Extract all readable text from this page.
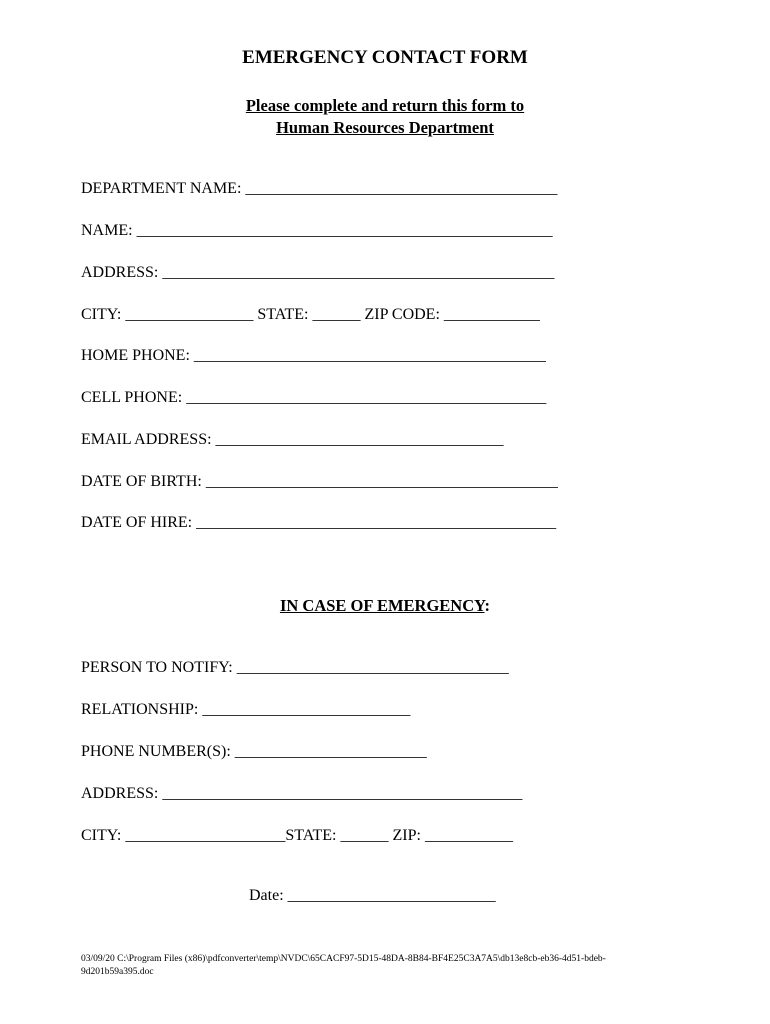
EMERGENCY CONTACT FORM
Please complete and return this form to
Human Resources Department
DEPARTMENT NAME: _______________________________________
NAME: ____________________________________________________
ADDRESS: _________________________________________________
CITY: ________________ STATE: ______ ZIP CODE: ____________
HOME PHONE: ____________________________________________
CELL PHONE: _____________________________________________
EMAIL ADDRESS: ____________________________________
DATE OF BIRTH: ____________________________________________
DATE OF HIRE: _____________________________________________
IN CASE OF EMERGENCY:
PERSON TO NOTIFY: __________________________________
RELATIONSHIP: __________________________
PHONE NUMBER(S): ________________________
ADDRESS: _____________________________________________
CITY: ____________________STATE: ______ ZIP: ___________
Date: __________________________
03/09/20 C:\Program Files (x86)\pdfconverter\temp\NVDC\65CACF97-5D15-48DA-8B84-BF4E25C3A7A5\db13e8cb-eb36-4d51-bdeb-
9d201b59a395.doc
